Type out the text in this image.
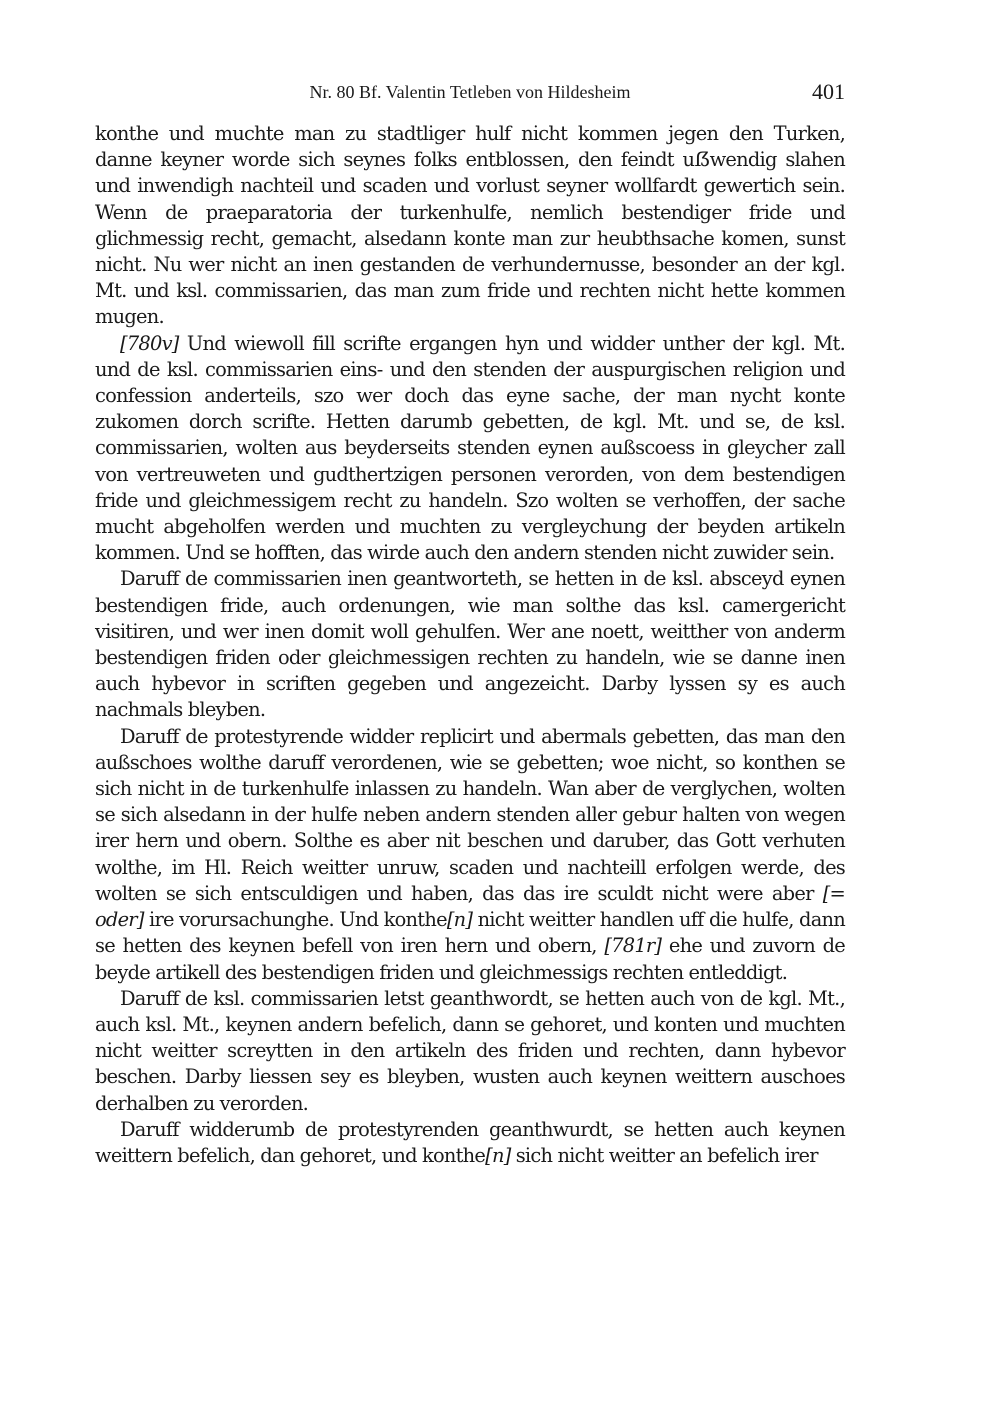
Nr. 80 Bf. Valentin Tetleben von Hildesheim	401

konthe und muchte man zu stadtliger hulf nicht kommen jegen den Turken, danne keyner worde sich seynes folks entblossen, den feindt uẞwendig slahen und inwendigh nachteil und scaden und vorlust seyner wollfardt gewertich sein. Wenn de praeparatoria der turkenhulfe, nemlich bestendiger fride und glichmessig recht, gemacht, alsedann konte man zur heubthsache komen, sunst nicht. Nu wer nicht an inen gestanden de verhundernusse, besonder an der kgl. Mt. und ksl. commissarien, das man zum fride und rechten nicht hette kommen mugen.

[780v] Und wiewoll fill scrifte ergangen hyn und widder unther der kgl. Mt. und de ksl. commissarien eins- und den stenden der auspurgischen religion und confession anderteils, szo wer doch das eyne sache, der man nycht konte zukomen dorch scrifte. Hetten darumb gebetten, de kgl. Mt. und se, de ksl. commissarien, wolten aus beyderseits stenden eynen außscoess in gleycher zall von vertreuweten und gudthertzigen personen verorden, von dem bestendigen fride und gleichmessigem recht zu handeln. Szo wolten se verhoffen, der sache mucht abgeholfen werden und muchten zu vergleychung der beyden artikeln kommen. Und se hofften, das wirde auch den andern stenden nicht zuwider sein.

Daruff de commissarien inen geantworteth, se hetten in de ksl. absceyd eynen bestendigen fride, auch ordenungen, wie man solthe das ksl. camergericht visitiren, und wer inen domit woll gehulfen. Wer ane noett, weitther von anderm bestendigen friden oder gleichmessigen rechten zu handeln, wie se danne inen auch hybevor in scriften gegeben und angezeicht. Darby lyssen sy es auch nachmals bleyben.

Daruff de protestyrende widder replicirt und abermals gebetten, das man den außschoes wolthe daruff verordenen, wie se gebetten; woe nicht, so konthen se sich nicht in de turkenhulfe inlassen zu handeln. Wan aber de verglychen, wolten se sich alsedann in der hulfe neben andern stenden aller gebur halten von wegen irer hern und obern. Solthe es aber nit beschen und daruber, das Gott verhuten wolthe, im Hl. Reich weitter unruw, scaden und nachteill erfolgen werde, des wolten se sich entsculdigen und haben, das das ire sculdt nicht were aber [= oder] ire vorursachunghe. Und konthe[n] nicht weitter handlen uff die hulfe, dann se hetten des keynen befell von iren hern und obern, [781r] ehe und zuvorn de beyde artikell des bestendigen friden und gleichmessigs rechten entleddigt.

Daruff de ksl. commissarien letst geanthwordt, se hetten auch von de kgl. Mt., auch ksl. Mt., keynen andern befelich, dann se gehoret, und konten und muchten nicht weitter screytten in den artikeln des friden und rechten, dann hybevor beschen. Darby liessen sey es bleyben, wusten auch keynen weittern auschoes derhalben zu verorden.

Daruff widderumb de protestyrenden geanthwurdt, se hetten auch keynen weittern befelich, dan gehoret, und konthe[n] sich nicht weitter an befelich irer
